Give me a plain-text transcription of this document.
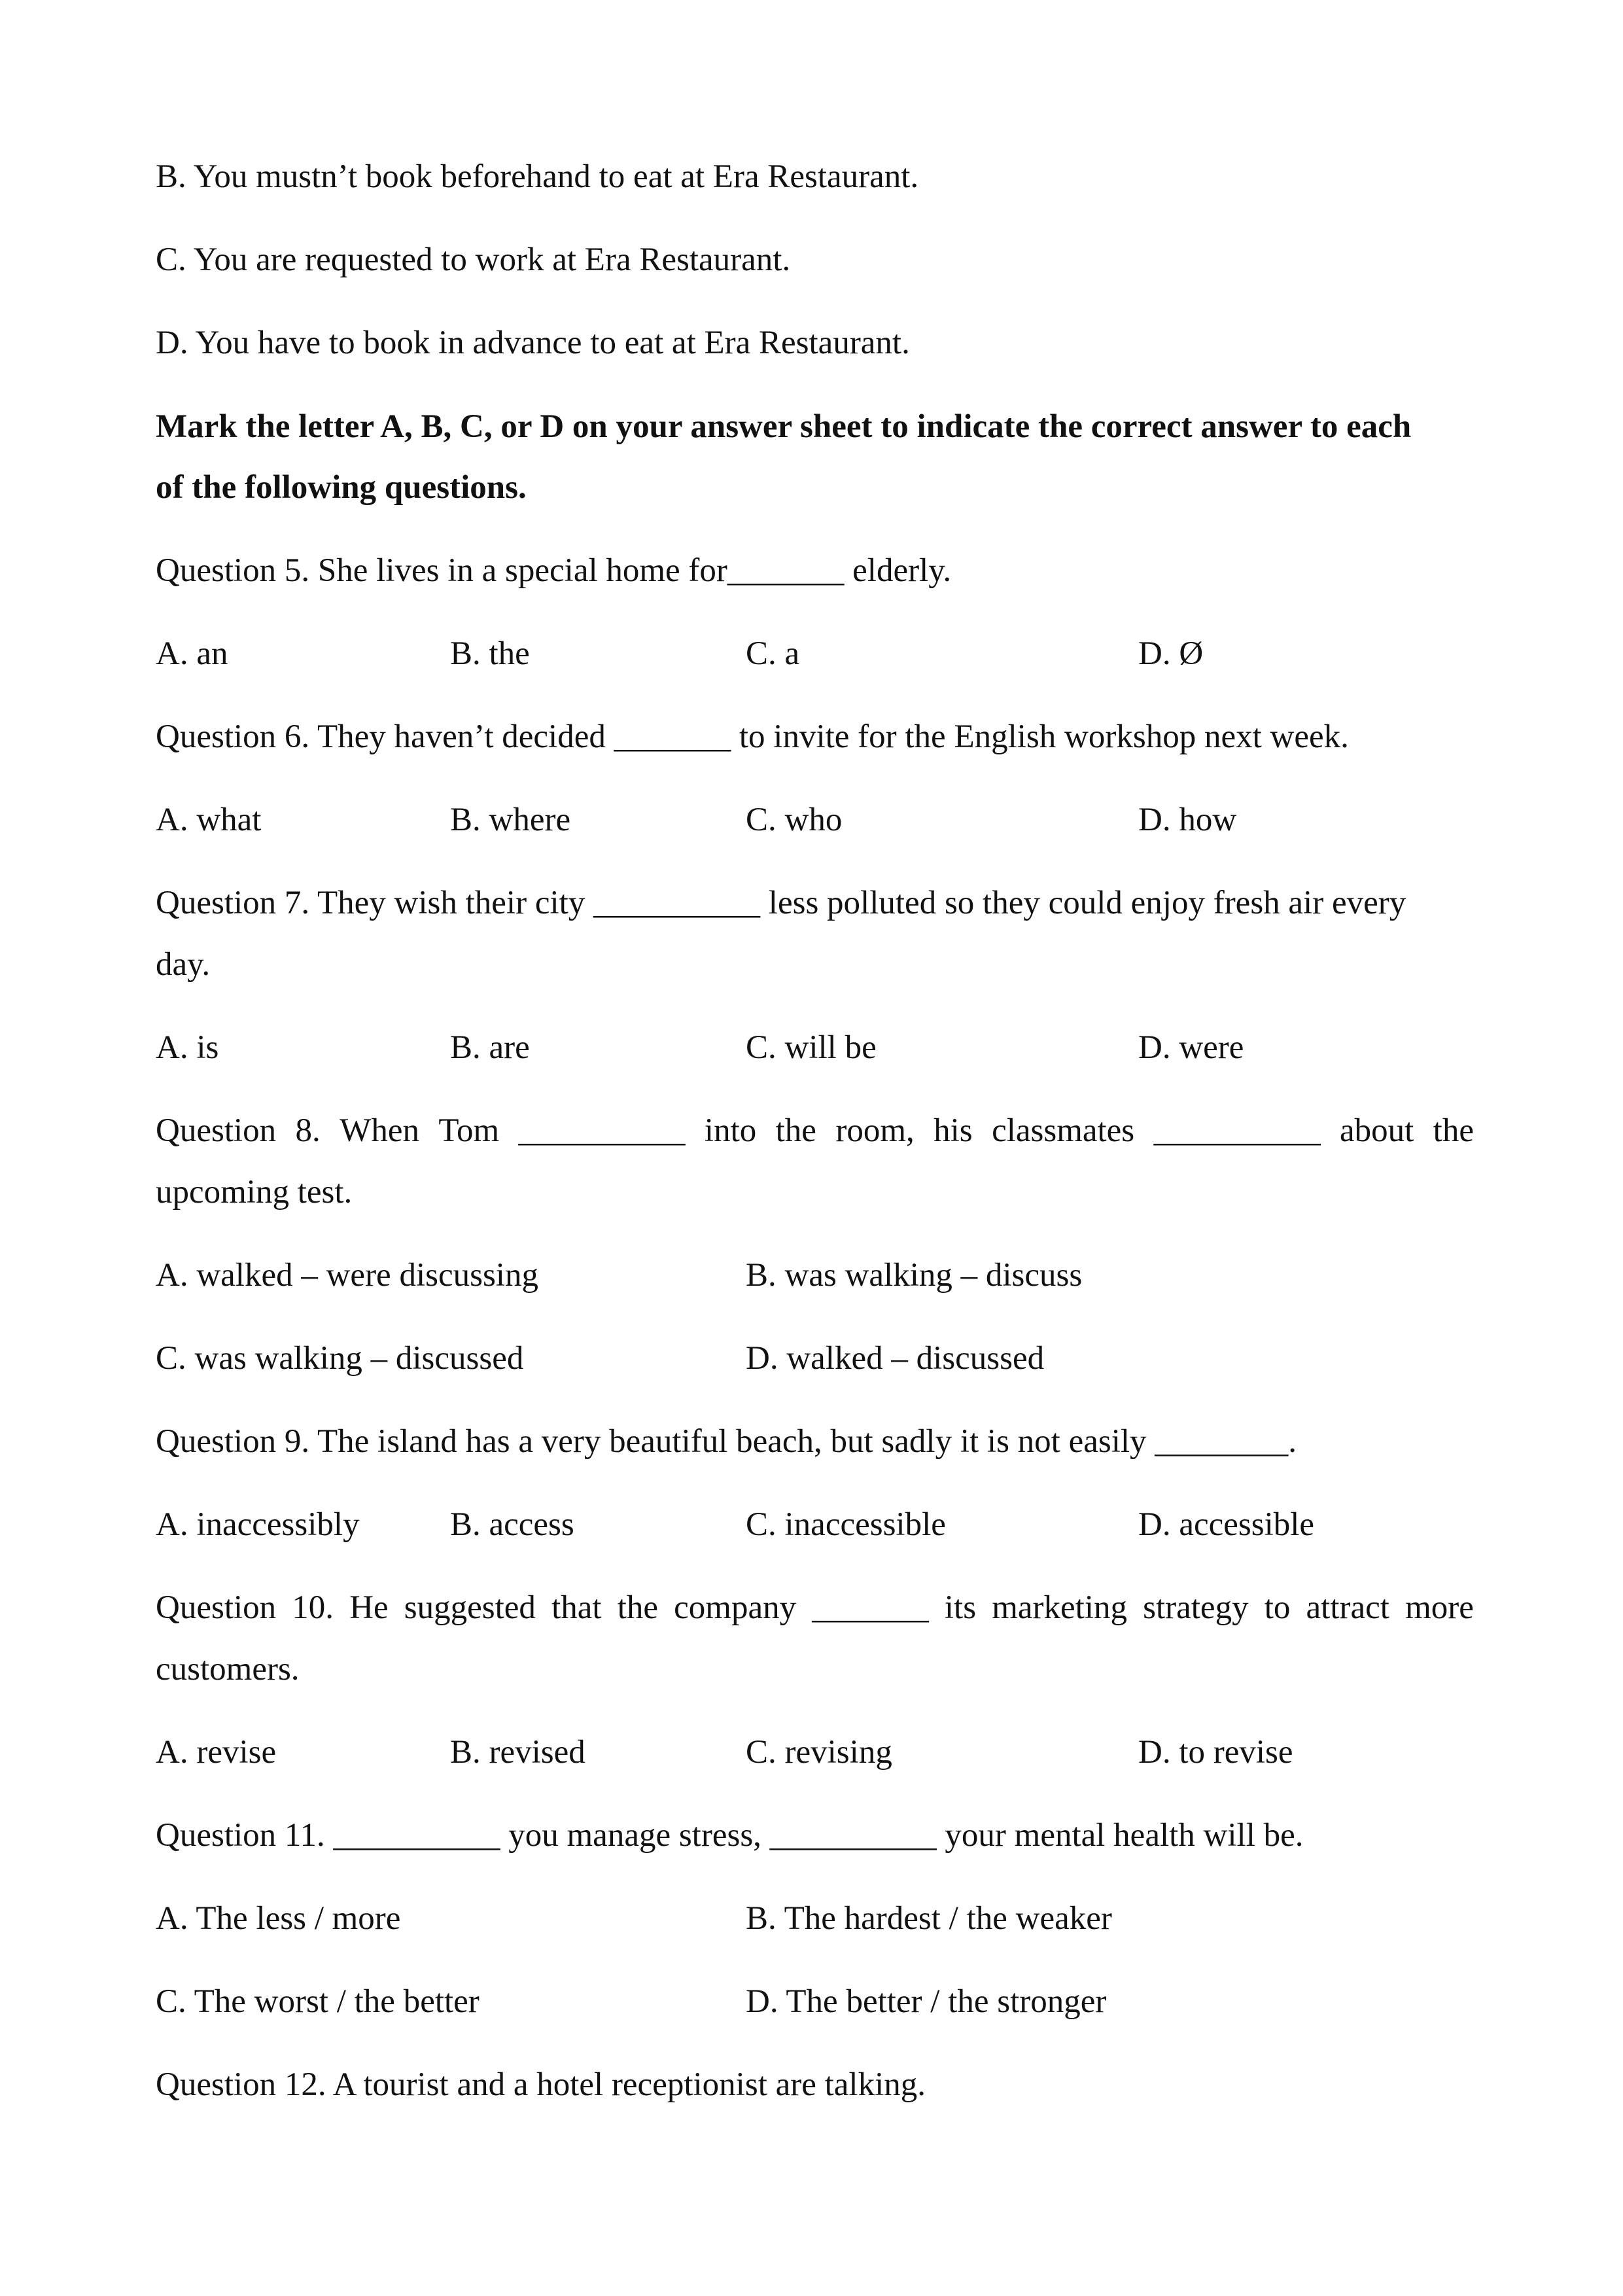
B. You mustn’t book beforehand to eat at Era Restaurant.
C. You are requested to work at Era Restaurant.
D. You have to book in advance to eat at Era Restaurant.
Mark the letter A, B, C, or D on your answer sheet to indicate the correct answer to each
of the following questions.
Question 5. She lives in a special home for_______ elderly.
A. an	B. the	C. a	D. Ø
Question 6. They haven’t decided _______ to invite for the English workshop next week.
A. what	B. where	C. who	D. how
Question 7. They wish their city __________ less polluted so they could enjoy fresh air every
day.
A. is	B. are	C. will be	D. were
Question 8. When Tom __________ into the room, his classmates __________ about the
upcoming test.
A. walked – were discussing	B. was walking – discuss
C. was walking – discussed	D. walked – discussed
Question 9. The island has a very beautiful beach, but sadly it is not easily ________.
A. inaccessibly	B. access	C. inaccessible	D. accessible
Question 10. He suggested that the company _______ its marketing strategy to attract more
customers.
A. revise	B. revised	C. revising	D. to revise
Question 11. __________ you manage stress, __________ your mental health will be.
A. The less / more	B. The hardest / the weaker
C. The worst / the better	D. The better / the stronger
Question 12. A tourist and a hotel receptionist are talking.
